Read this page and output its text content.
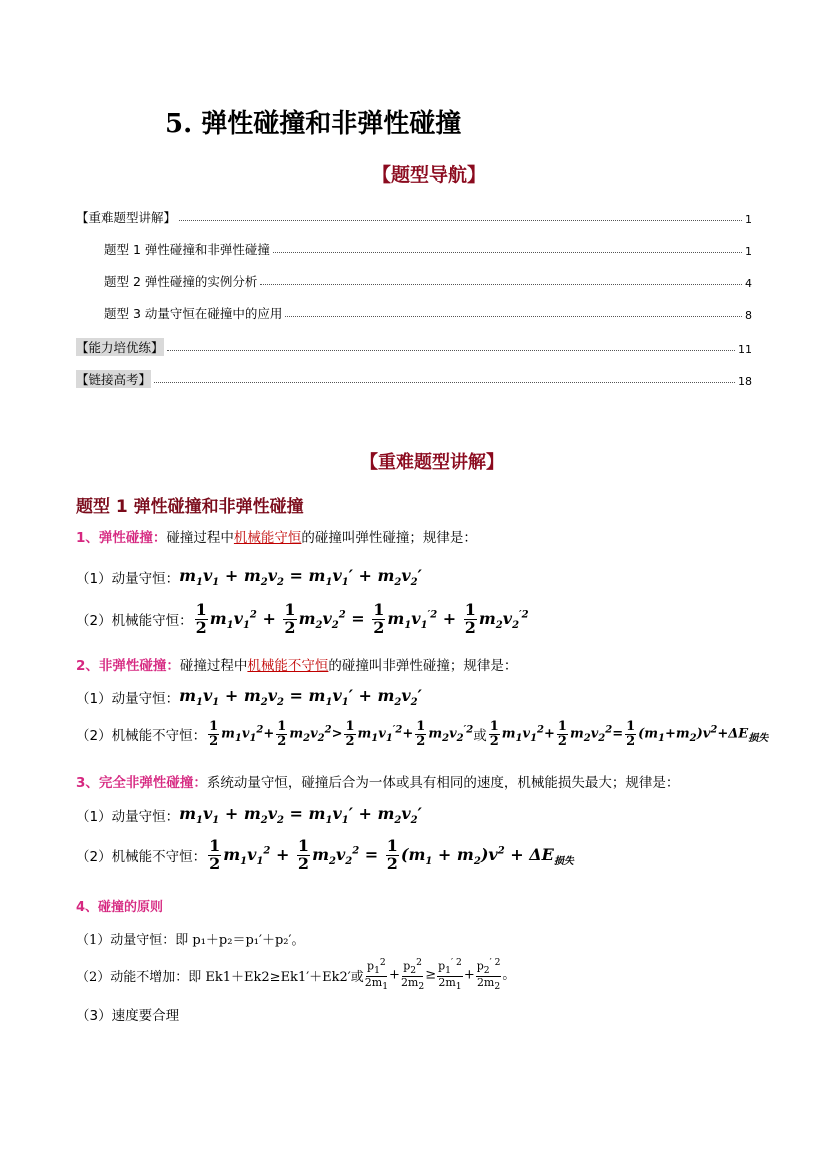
5. 弹性碰撞和非弹性碰撞
【题型导航】
【重难题型讲解】	1
题型 1 弹性碰撞和非弹性碰撞	1
题型 2 弹性碰撞的实例分析	4
题型 3 动量守恒在碰撞中的应用	8
【能力培优练】	11
【链接高考】	18
【重难题型讲解】
题型 1 弹性碰撞和非弹性碰撞
1、弹性碰撞：碰撞过程中机械能守恒的碰撞叫弹性碰撞；规律是：
（1）动量守恒： $m_1v_1 + m_2v_2 = m_1v_1' + m_2v_2'$
（2）机械能守恒： $\frac{1}{2} m_1v_1^2 + \frac{1}{2} m_2v_2^2 = \frac{1}{2} m_1v_1^{'2} + \frac{1}{2} m_2v_2^{'2}$
2、非弹性碰撞：碰撞过程中机械能不守恒的碰撞叫非弹性碰撞；规律是：
（1）动量守恒： $m_1v_1 + m_2v_2 = m_1v_1' + m_2v_2'$
（2）机械能不守恒： $\frac{1}{2} m_1v_1^2+ \frac{1}{2} m_2v_2^2> \frac{1}{2} m_1v_1^{'2}+ \frac{1}{2} m_2v_2^{'2}$ 或 $\frac{1}{2} m_1v_1^2+ \frac{1}{2} m_2v_2^2= \frac{1}{2} (m_1+m_2)v^2+\Delta E_{损失}$
3、完全非弹性碰撞：系统动量守恒，碰撞后合为一体或具有相同的速度，机械能损失最大；规律是：
（1）动量守恒： $m_1v_1 + m_2v_2 = m_1v_1' + m_2v_2'$
（2）机械能不守恒： $\frac{1}{2} m_1v_1^2 + \frac{1}{2} m_2v_2^2 = \frac{1}{2} (m_1 + m_2)v^2 + \Delta E_{损失}$
4、碰撞的原则
（1）动量守恒：即 p₁＋p₂＝p₁′＋p₂′。
（2）动能不增加：即 Ek1＋Ek2≥Ek1′＋Ek2′或 $\frac{p_1^2}{2m_1} + \frac{p_2^2}{2m_2} \ge \frac{p_1^{' 2}}{2m_1} + \frac{p_2^{' 2}}{2m_2}$ 。
（3）速度要合理
